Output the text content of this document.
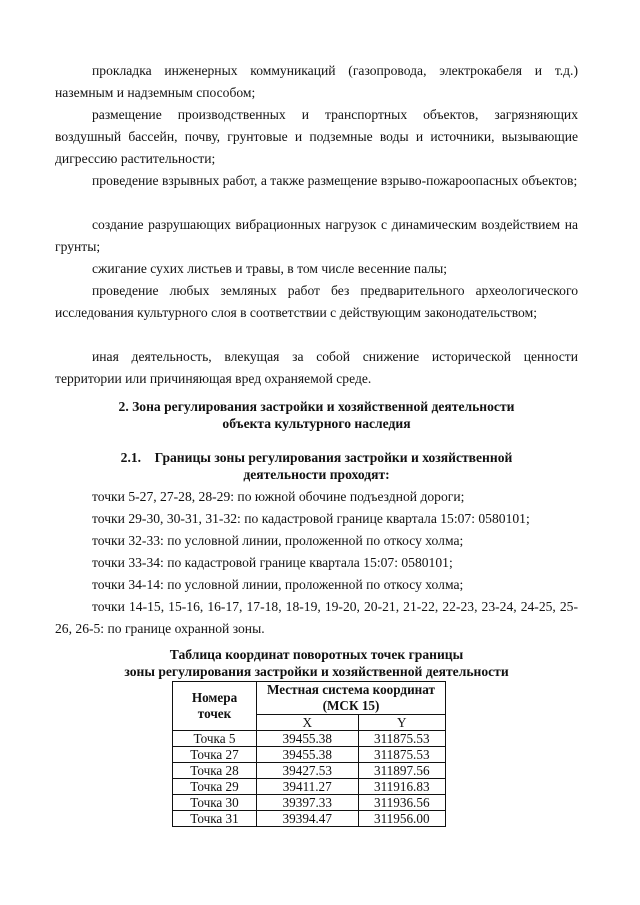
прокладка инженерных коммуникаций (газопровода, электрокабеля и т.д.) наземным и надземным способом;

размещение производственных и транспортных объектов, загрязняющих воздушный бассейн, почву, грунтовые и подземные воды и источники, вызывающие дигрессию растительности;

проведение взрывных работ, а также размещение взрыво-пожароопасных объектов;

создание разрушающих вибрационных нагрузок с динамическим воздействием на грунты;

сжигание сухих листьев и травы, в том числе весенние палы;

проведение любых земляных работ без предварительного археологического исследования культурного слоя в соответствии с действующим законодательством;

иная деятельность, влекущая за собой снижение исторической ценности территории или причиняющая вред охраняемой среде.

2. Зона регулирования застройки и хозяйственной деятельности
объекта культурного наследия

2.1. Границы зоны регулирования застройки и хозяйственной
деятельности проходят:

точки 5-27, 27-28, 28-29: по южной обочине подъездной дороги;

точки 29-30, 30-31, 31-32: по кадастровой границе квартала 15:07: 0580101;

точки 32-33: по условной линии, проложенной по откосу холма;

точки 33-34: по кадастровой границе квартала 15:07: 0580101;

точки 34-14: по условной линии, проложенной по откосу холма;

точки 14-15, 15-16, 16-17, 17-18, 18-19, 19-20, 20-21, 21-22, 22-23, 23-24, 24-25, 25-26, 26-5: по границе охранной зоны.

Таблица координат поворотных точек границы
зоны регулирования застройки и хозяйственной деятельности

Номера
точек	Местная система координат (МСК 15)	
	X	Y
Точка 5	39455.38	311875.53
Точка 27	39455.38	311875.53
Точка 28	39427.53	311897.56
Точка 29	39411.27	311916.83
Точка 30	39397.33	311936.56
Точка 31	39394.47	311956.00
